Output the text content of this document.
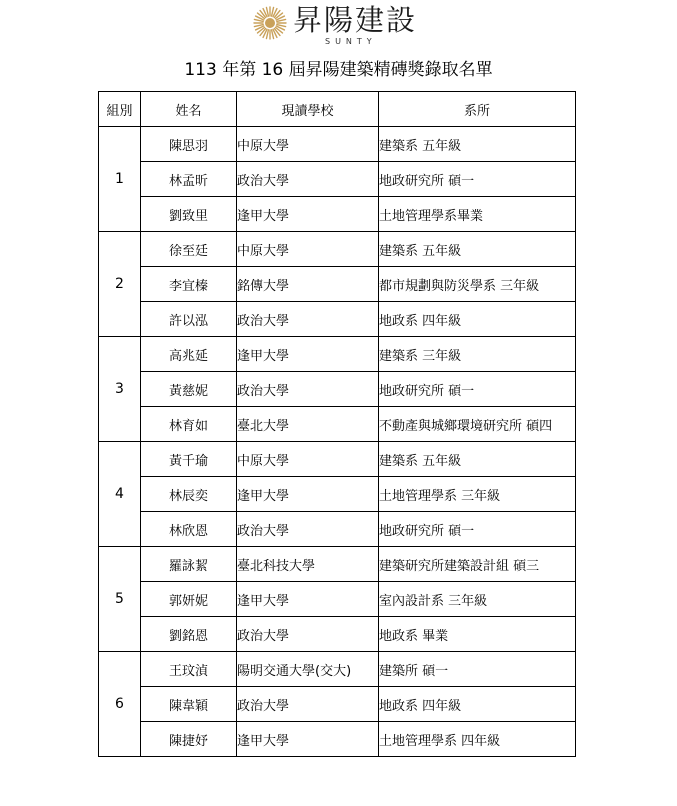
昇陽建設
SUNTY
113 年第 16 屆昇陽建築精磚獎錄取名單
組別	姓名	現讀學校	系所
1	陳思羽	中原大學	建築系 五年級
	林孟昕	政治大學	地政研究所 碩一
	劉致里	逢甲大學	土地管理學系畢業
2	徐至廷	中原大學	建築系 五年級
	李宜榛	銘傳大學	都市規劃與防災學系 三年級
	許以泓	政治大學	地政系 四年級
3	高兆延	逢甲大學	建築系 三年級
	黃慈妮	政治大學	地政研究所 碩一
	林育如	臺北大學	不動產與城鄉環境研究所 碩四
4	黃千瑜	中原大學	建築系 五年級
	林辰奕	逢甲大學	土地管理學系 三年級
	林欣恩	政治大學	地政研究所 碩一
5	羅詠絜	臺北科技大學	建築研究所建築設計組 碩三
	郭妍妮	逢甲大學	室內設計系 三年級
	劉銘恩	政治大學	地政系 畢業
6	王玟湞	陽明交通大學(交大)	建築所 碩一
	陳韋穎	政治大學	地政系 四年級
	陳捷妤	逢甲大學	土地管理學系 四年級
